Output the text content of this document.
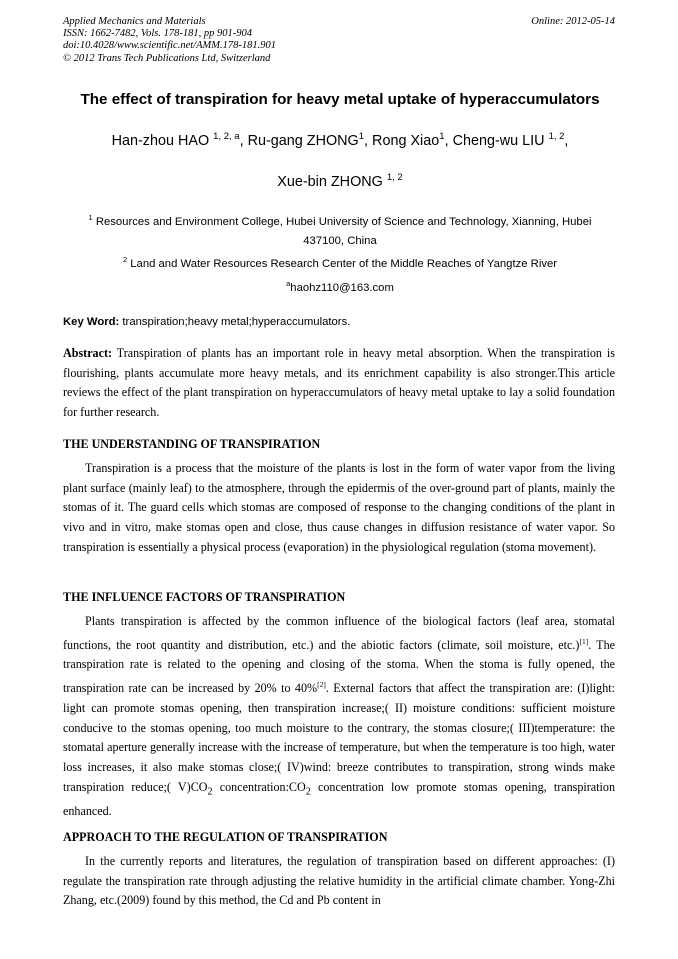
Applied Mechanics and Materials
ISSN: 1662-7482, Vols. 178-181, pp 901-904
doi:10.4028/www.scientific.net/AMM.178-181.901
© 2012 Trans Tech Publications Ltd, Switzerland
Online: 2012-05-14
The effect of transpiration for heavy metal uptake of hyperaccumulators
Han-zhou HAO $^{1, 2, a}$, Ru-gang ZHONG$^1$, Rong Xiao$^1$, Cheng-wu LIU $^{1, 2}$,
Xue-bin ZHONG $^{1, 2}$
$^1$ Resources and Environment College, Hubei University of Science and Technology, Xianning, Hubei 437100, China
$^2$ Land and Water Resources Research Center of the Middle Reaches of Yangtze River
$^a$haohz110@163.com
Key Word: transpiration;heavy metal;hyperaccumulators.
Abstract: Transpiration of plants has an important role in heavy metal absorption. When the transpiration is flourishing, plants accumulate more heavy metals, and its enrichment capability is also stronger.This article reviews the effect of the plant transpiration on hyperaccumulators of heavy metal uptake to lay a solid foundation for further research.
THE UNDERSTANDING OF TRANSPIRATION
Transpiration is a process that the moisture of the plants is lost in the form of water vapor from the living plant surface (mainly leaf) to the atmosphere, through the epidermis of the over-ground part of plants, mainly the stomas of it. The guard cells which stomas are composed of response to the changing conditions of the plant in vivo and in vitro, make stomas open and close, thus cause changes in diffusion resistance of water vapor. So transpiration is essentially a physical process (evaporation) in the physiological regulation (stoma movement).
THE INFLUENCE FACTORS OF TRANSPIRATION
Plants transpiration is affected by the common influence of the biological factors (leaf area, stomatal functions, the root quantity and distribution, etc.) and the abiotic factors (climate, soil moisture, etc.)[1]. The transpiration rate is related to the opening and closing of the stoma. When the stoma is fully opened, the transpiration rate can be increased by 20% to 40%[2]. External factors that affect the transpiration are: (I)light: light can promote stomas opening, then transpiration increase;( II) moisture conditions: sufficient moisture conducive to the stomas opening, too much moisture to the contrary, the stomas closure;( III)temperature: the stomatal aperture generally increase with the increase of temperature, but when the temperature is too high, water loss increases, it also make stomas close;( IV)wind: breeze contributes to transpiration, strong winds make transpiration reduce;( $V)CO_2$ $concentration:CO_2$ concentration low promote stomas opening, transpiration enhanced.
APPROACH TO THE REGULATION OF TRANSPIRATION
In the currently reports and literatures, the regulation of transpiration based on different approaches: (I) regulate the transpiration rate through adjusting the relative humidity in the artificial climate chamber. Yong-Zhi Zhang, etc.(2009) found by this method, the Cd and Pb content in
